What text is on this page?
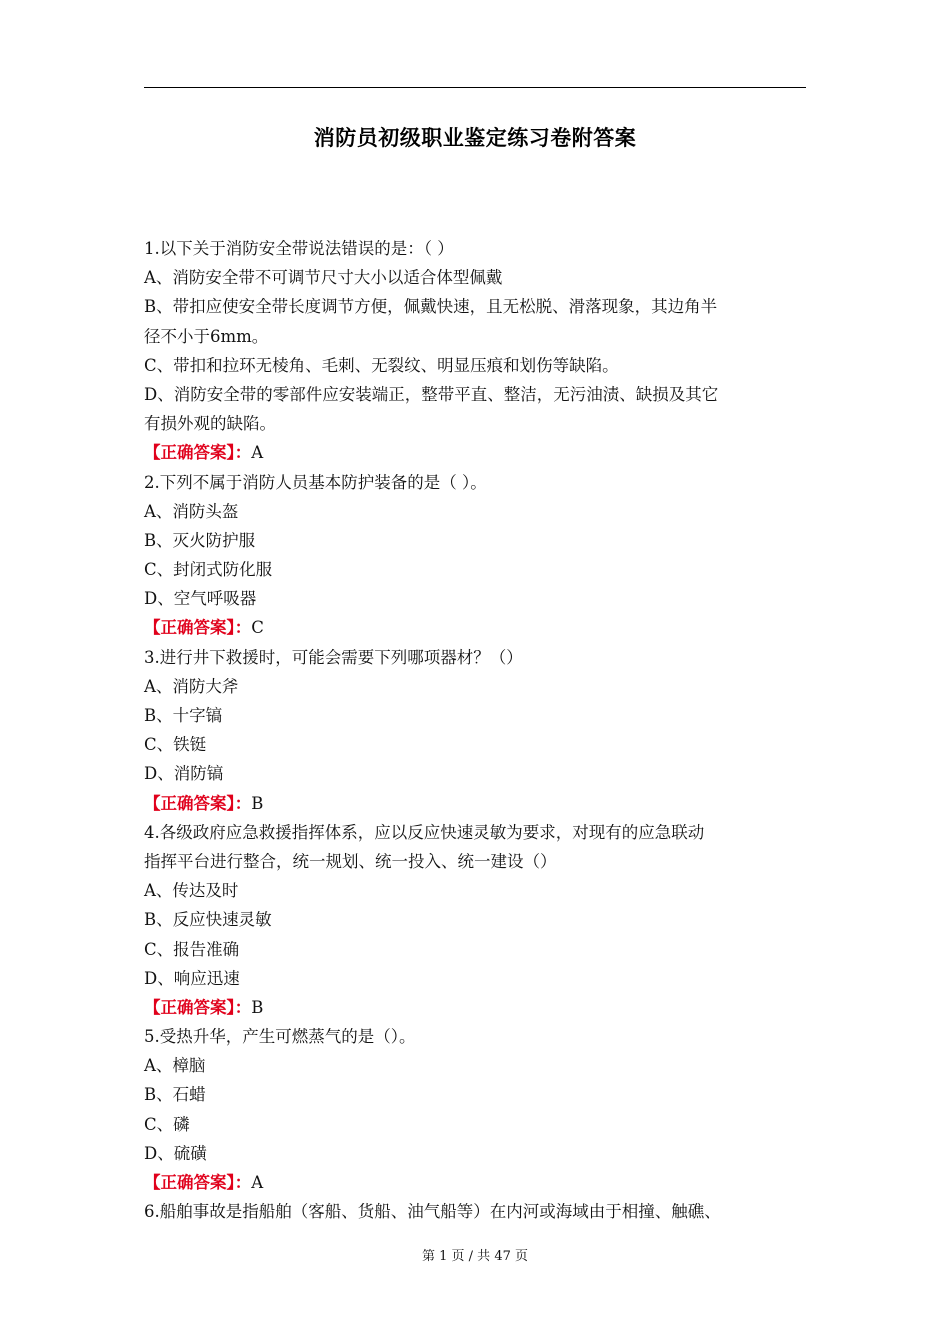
消防员初级职业鉴定练习卷附答案
1.以下关于消防安全带说法错误的是：（ ）
A、消防安全带不可调节尺寸大小以适合体型佩戴
B、带扣应使安全带长度调节方便，佩戴快速，且无松脱、滑落现象，其边角半
径不小于6mm。
C、带扣和拉环无棱角、毛刺、无裂纹、明显压痕和划伤等缺陷。
D、消防安全带的零部件应安装端正，整带平直、整洁，无污油渍、缺损及其它
有损外观的缺陷。
【正确答案】：A
2.下列不属于消防人员基本防护装备的是（ ）。
A、消防头盔
B、灭火防护服
C、封闭式防化服
D、空气呼吸器
【正确答案】：C
3.进行井下救援时，可能会需要下列哪项器材？（）
A、消防大斧
B、十字镐
C、铁铤
D、消防镐
【正确答案】：B
4.各级政府应急救援指挥体系，应以反应快速灵敏为要求，对现有的应急联动
指挥平台进行整合，统一规划、统一投入、统一建设（）
A、传达及时
B、反应快速灵敏
C、报告准确
D、响应迅速
【正确答案】：B
5.受热升华，产生可燃蒸气的是（）。
A、樟脑
B、石蜡
C、磷
D、硫磺
【正确答案】：A
6.船舶事故是指船舶（客船、货船、油气船等）在内河或海域由于相撞、触礁、
第 1 页 / 共 47 页
